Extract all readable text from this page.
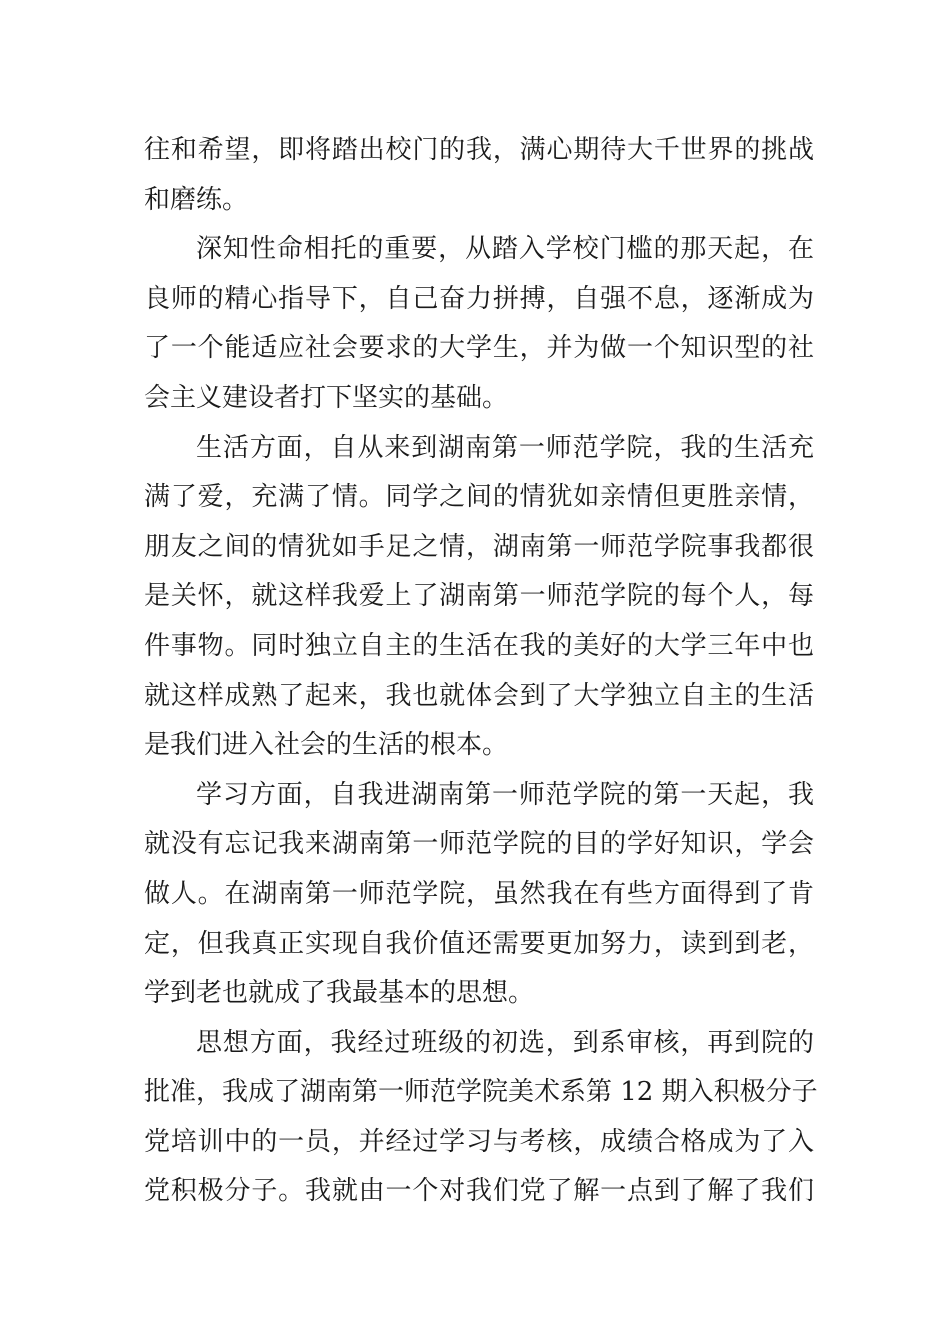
往和希望，即将踏出校门的我，满心期待大千世界的挑战
和磨练。
深知性命相托的重要，从踏入学校门槛的那天起，在
良师的精心指导下，自己奋力拼搏，自强不息，逐渐成为
了一个能适应社会要求的大学生，并为做一个知识型的社
会主义建设者打下坚实的基础。
生活方面，自从来到湖南第一师范学院，我的生活充
满了爱，充满了情。同学之间的情犹如亲情但更胜亲情，
朋友之间的情犹如手足之情，湖南第一师范学院事我都很
是关怀，就这样我爱上了湖南第一师范学院的每个人，每
件事物。同时独立自主的生活在我的美好的大学三年中也
就这样成熟了起来，我也就体会到了大学独立自主的生活
是我们进入社会的生活的根本。
学习方面，自我进湖南第一师范学院的第一天起，我
就没有忘记我来湖南第一师范学院的目的学好知识，学会
做人。在湖南第一师范学院，虽然我在有些方面得到了肯
定，但我真正实现自我价值还需要更加努力，读到到老，
学到老也就成了我最基本的思想。
思想方面，我经过班级的初选，到系审核，再到院的
批准，我成了湖南第一师范学院美术系第 12 期入积极分子
党培训中的一员，并经过学习与考核，成绩合格成为了入
党积极分子。我就由一个对我们党了解一点到了解了我们
